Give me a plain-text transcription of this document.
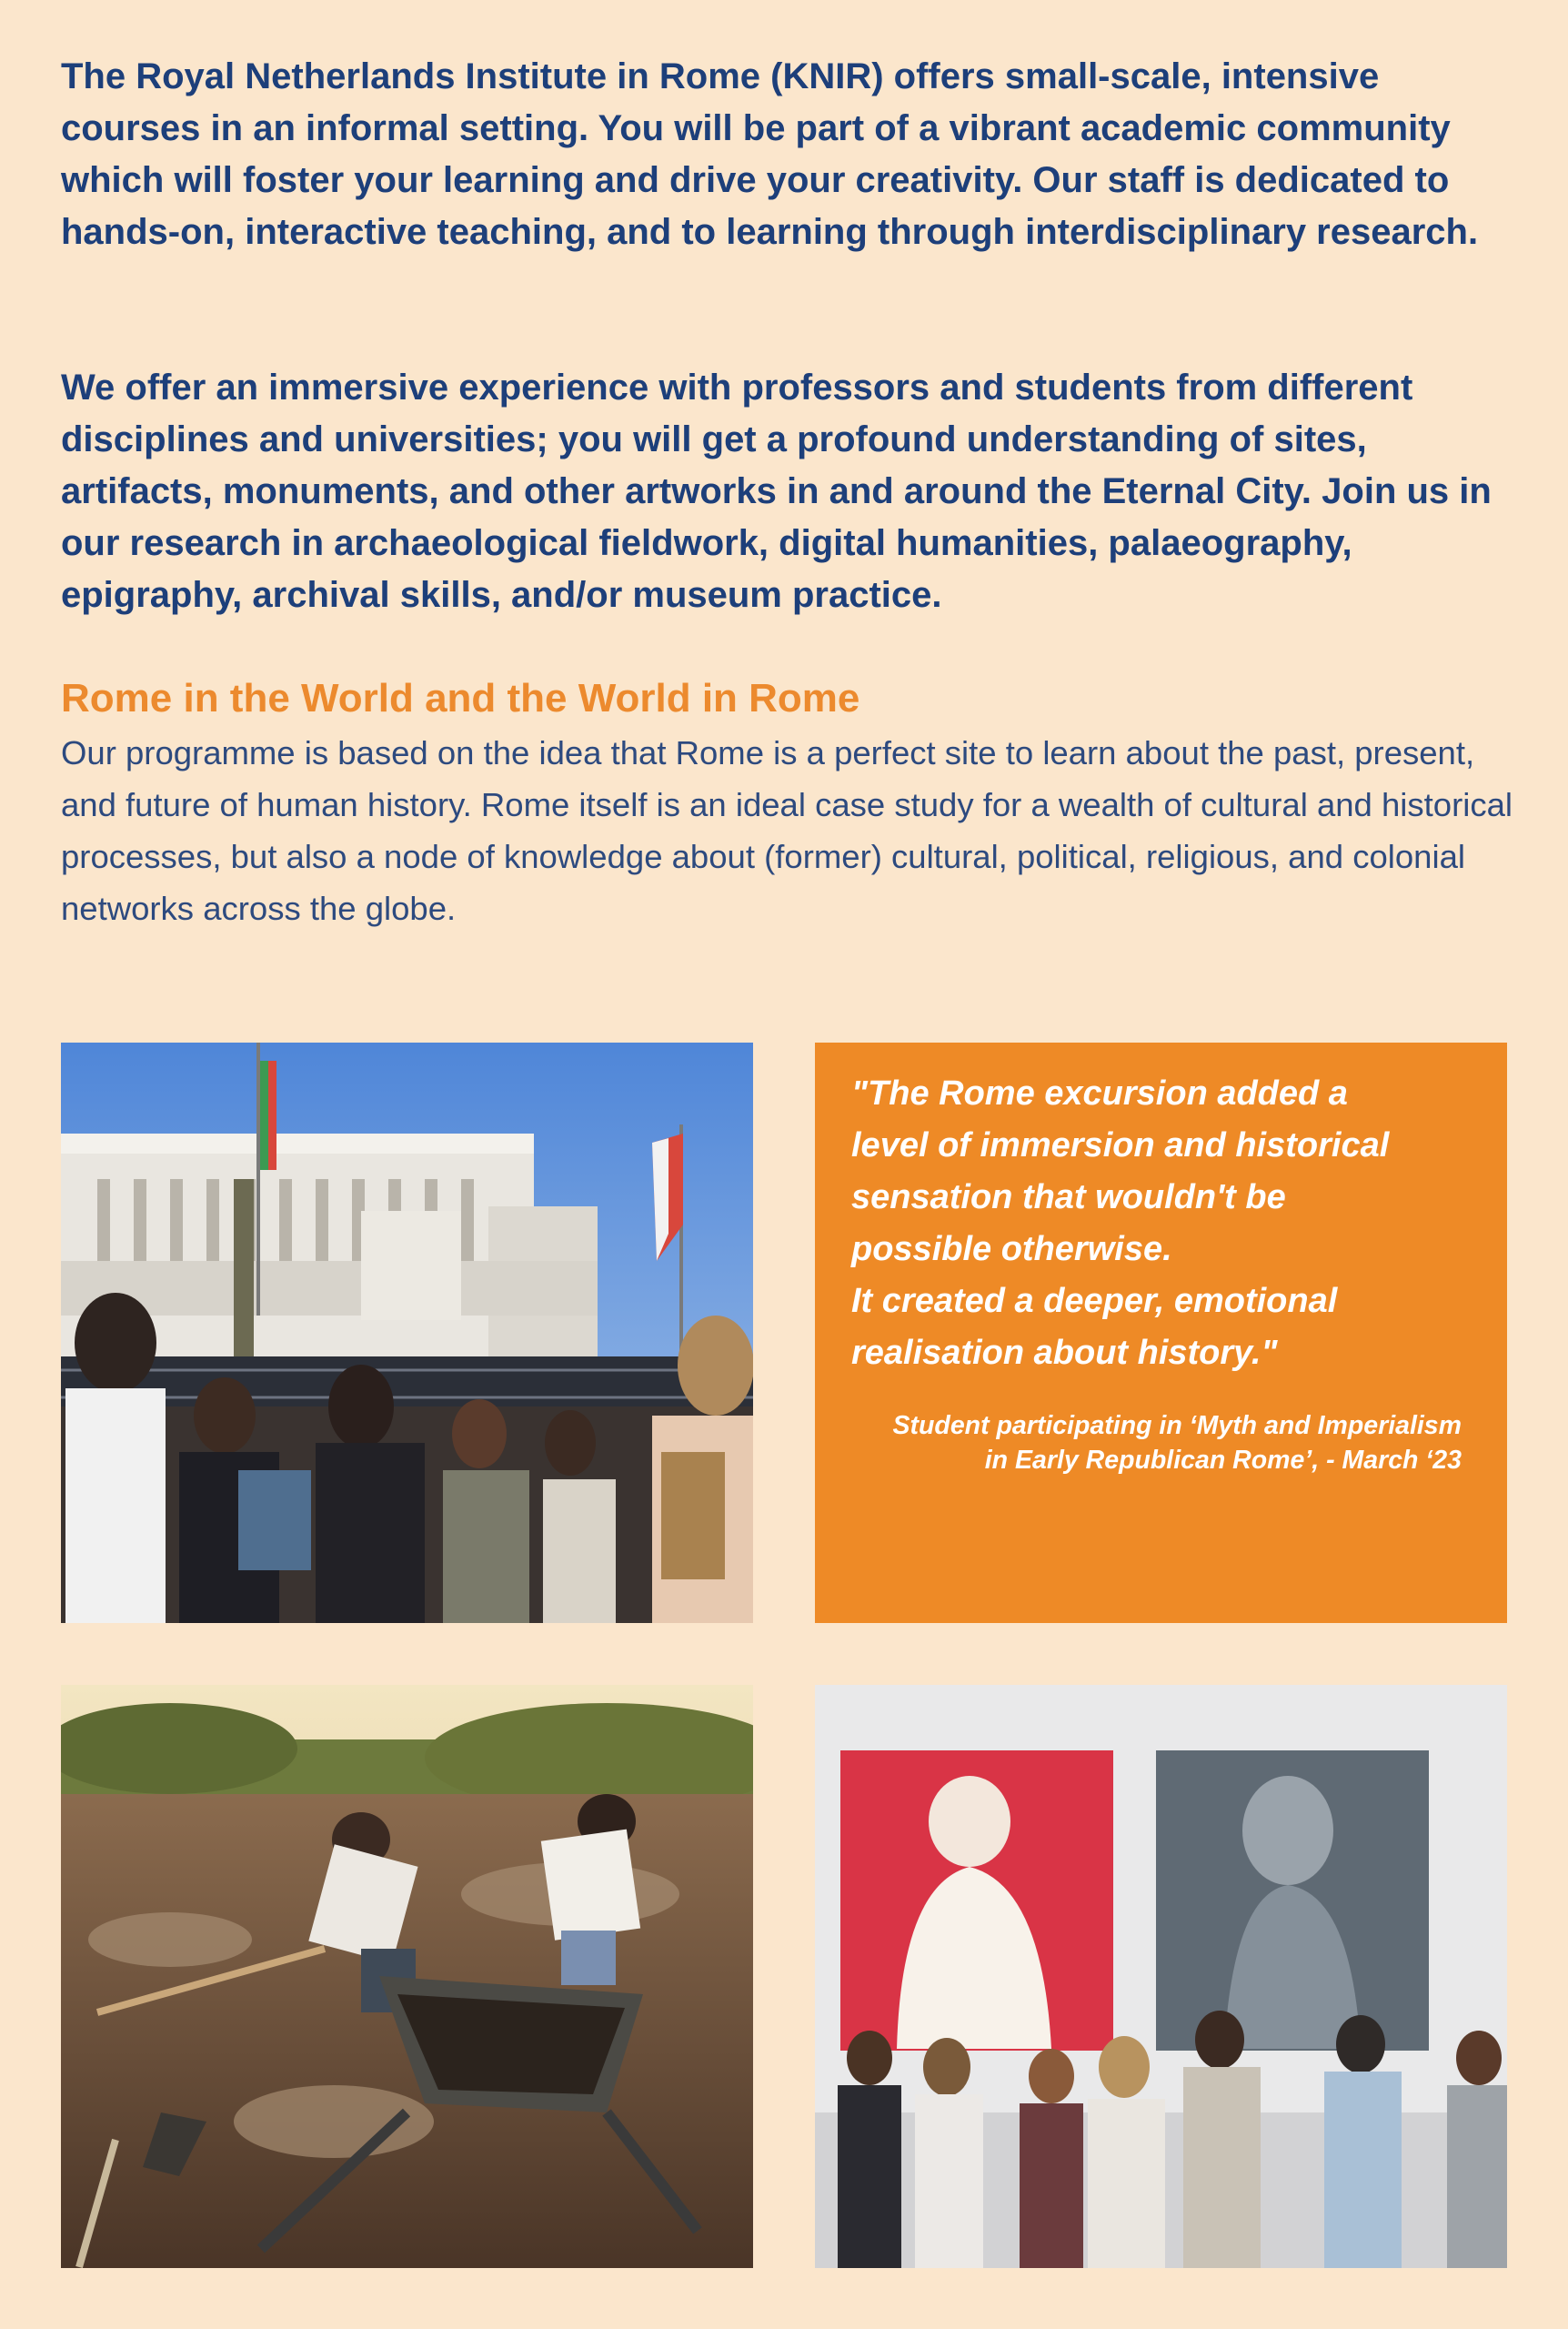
The Royal Netherlands Institute in Rome (KNIR) offers small-scale, intensive courses in an informal setting. You will be part of a vibrant academic community which will foster your learning and drive your creativity. Our staff is dedicated to hands-on, interactive teaching, and to learning through interdisciplinary research.

We offer an immersive experience with professors and students from different disciplines and universities; you will get a profound understanding of sites, artifacts, monuments, and other artworks in and around the Eternal City. Join us in our research in archaeological fieldwork, digital humanities, palaeography, epigraphy, archival skills, and/or museum practice.

Rome in the World and the World in Rome

Our programme is based on the idea that Rome is a perfect site to learn about the past, present, and future of human history. Rome itself is an ideal case study for a wealth of cultural and historical processes, but also a node of knowledge about (former) cultural, political, religious, and colonial networks across the globe.

"The Rome excursion added a
level of immersion and historical
sensation that wouldn't be
possible otherwise.
It created a deeper, emotional
realisation about history."

Student participating in ‘Myth and Imperialism
in Early Republican Rome’, - March ‘23
